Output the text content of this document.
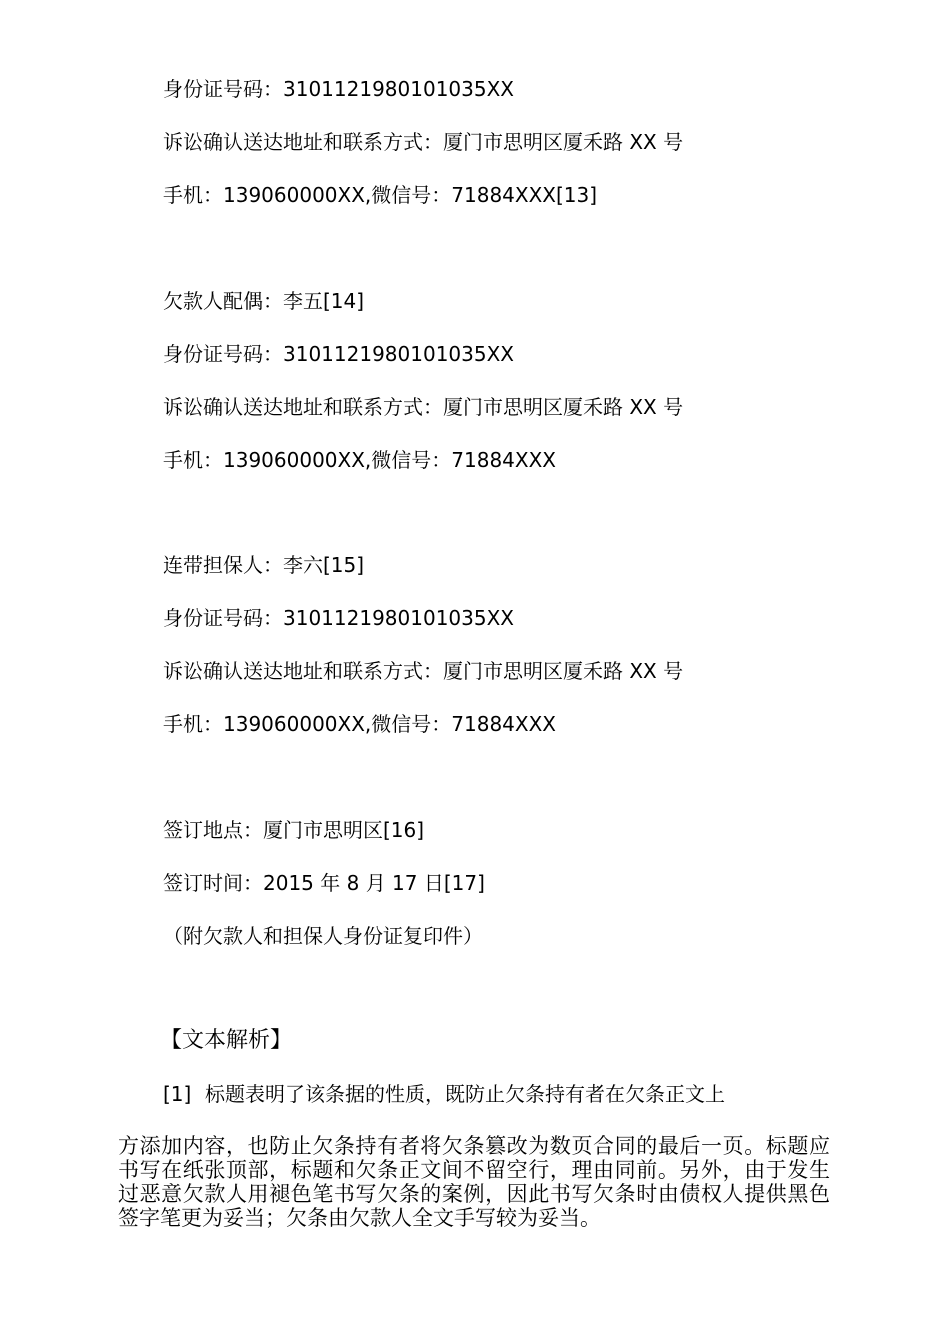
身份证号码：3101121980101035XX
诉讼确认送达地址和联系方式：厦门市思明区厦禾路 XX 号
手机：139060000XX,微信号：71884XXX[13]
欠款人配偶：李五[14]
身份证号码：3101121980101035XX
诉讼确认送达地址和联系方式：厦门市思明区厦禾路 XX 号
手机：139060000XX,微信号：71884XXX
连带担保人：李六[15]
身份证号码：3101121980101035XX
诉讼确认送达地址和联系方式：厦门市思明区厦禾路 XX 号
手机：139060000XX,微信号：71884XXX
签订地点：厦门市思明区[16]
签订时间：2015 年 8 月 17 日[17]
（附欠款人和担保人身份证复印件）
【文本解析】
[1] 标题表明了该条据的性质，既防止欠条持有者在欠条正文上
方添加内容，也防止欠条持有者将欠条篡改为数页合同的最后一页。标题应书写在纸张顶部，标题和欠条正文间不留空行，理由同前。另外，由于发生过恶意欠款人用褪色笔书写欠条的案例，因此书写欠条时由债权人提供黑色签字笔更为妥当；欠条由欠款人全文手写较为妥当。
